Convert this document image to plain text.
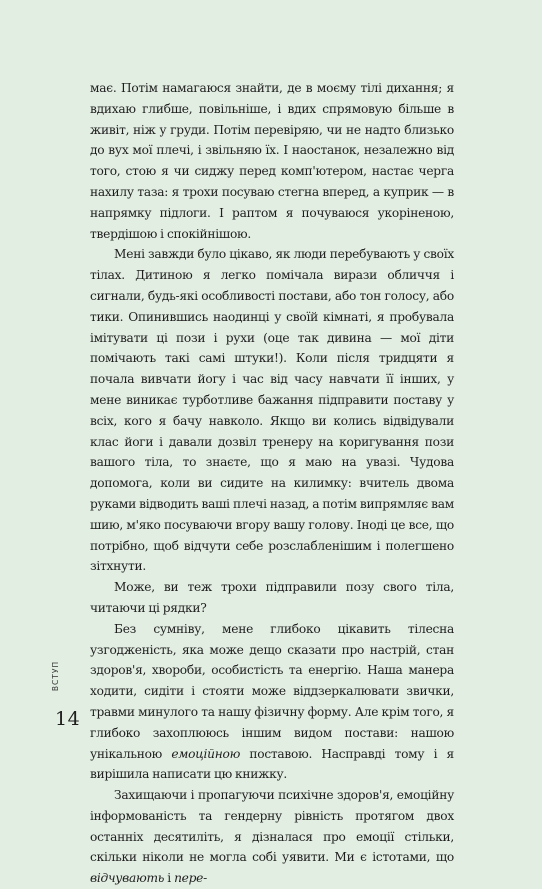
має. Потім намагаюся знайти, де в моєму тілі дихання; я вдихаю глибше, повільніше, і вдих спрямовую більше в живіт, ніж у груди. Потім перевіряю, чи не надто близько до вух мої плечі, і звільняю їх. І наостанок, незалежно від того, стою я чи сиджу перед комп'ютером, настає черга нахилу таза: я трохи посуваю стегна вперед, а куприк — в напрямку підлоги. І раптом я почуваюся укоріненою, твердішою і спокійнішою.

Мені завжди було цікаво, як люди перебувають у своїх тілах. Дитиною я легко помічала вирази обличчя і сигнали, будь-які особливості постави, або тон голосу, або тики. Опинившись наодинці у своїй кімнаті, я пробувала імітувати ці пози і рухи (оце так дивина — мої діти помічають такі самі штуки!). Коли після тридцяти я почала вивчати йогу і час від часу навчати її інших, у мене виникає турботливе бажання підправити поставу у всіх, кого я бачу навколо. Якщо ви колись відвідували клас йоги і давали дозвіл тренеру на коригування пози вашого тіла, то знаєте, що я маю на увазі. Чудова допомога, коли ви сидите на килимку: вчитель двома руками відводить ваші плечі назад, а потім випрямляє вам шию, м'яко посуваючи вгору вашу голову. Іноді це все, що потрібно, щоб відчути себе розслабленішим і полегшено зітхнути.

Може, ви теж трохи підправили позу свого тіла, читаючи ці рядки?

Без сумніву, мене глибоко цікавить тілесна узгодженість, яка може дещо сказати про настрій, стан здоров'я, хвороби, особистість та енергію. Наша манера ходити, сидіти і стояти може віддзеркалювати звички, травми минулого та нашу фізичну форму. Але крім того, я глибоко захоплююсь іншим видом постави: нашою унікальною емоційною поставою. Насправді тому і я вирішила написати цю книжку.

Захищаючи і пропагуючи психічне здоров'я, емоційну інформованість та гендерну рівність протягом двох останніх десятиліть, я дізналася про емоції стільки, скільки ніколи не могла собі уявити. Ми є істотами, що відчувають і пере-

ВСТУП
14
